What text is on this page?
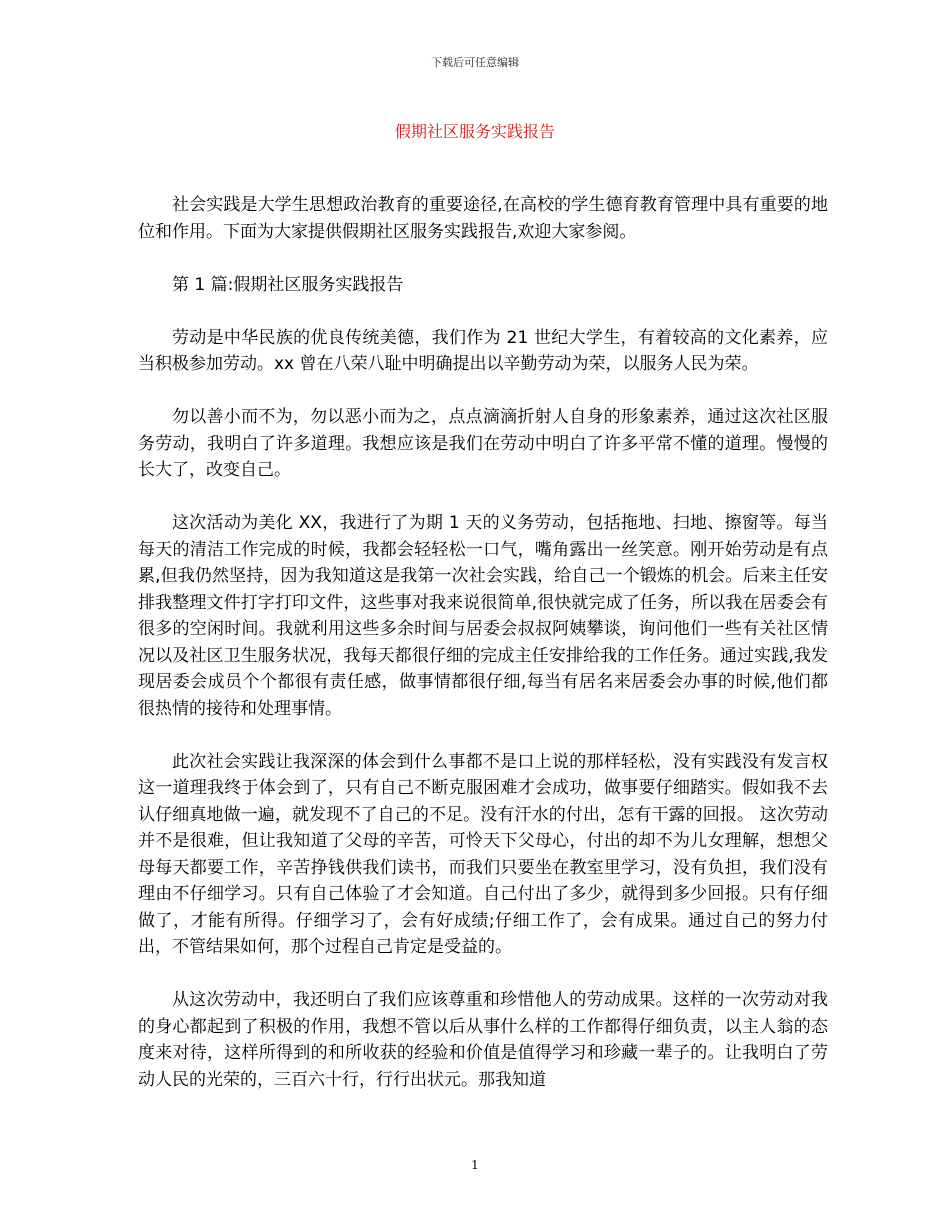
下载后可任意编辑
假期社区服务实践报告

社会实践是大学生思想政治教育的重要途径,在高校的学生德育教育管理中具有重要的地位和作用。下面为大家提供假期社区服务实践报告,欢迎大家参阅。

第 1 篇:假期社区服务实践报告

劳动是中华民族的优良传统美德，我们作为 21 世纪大学生，有着较高的文化素养，应当积极参加劳动。xx 曾在八荣八耻中明确提出以辛勤劳动为荣，以服务人民为荣。

勿以善小而不为，勿以恶小而为之，点点滴滴折射人自身的形象素养，通过这次社区服务劳动，我明白了许多道理。我想应该是我们在劳动中明白了许多平常不懂的道理。慢慢的长大了，改变自己。

这次活动为美化 XX，我进行了为期 1 天的义务劳动，包括拖地、扫地、擦窗等。每当每天的清洁工作完成的时候，我都会轻轻松一口气，嘴角露出一丝笑意。刚开始劳动是有点累,但我仍然坚持，因为我知道这是我第一次社会实践，给自己一个锻炼的机会。后来主任安排我整理文件打字打印文件，这些事对我来说很简单,很快就完成了任务，所以我在居委会有很多的空闲时间。我就利用这些多余时间与居委会叔叔阿姨攀谈，询问他们一些有关社区情况以及社区卫生服务状况，我每天都很仔细的完成主任安排给我的工作任务。通过实践,我发现居委会成员个个都很有责任感，做事情都很仔细,每当有居名来居委会办事的时候,他们都很热情的接待和处理事情。

此次社会实践让我深深的体会到什么事都不是口上说的那样轻松，没有实践没有发言权这一道理我终于体会到了，只有自己不断克服困难才会成功，做事要仔细踏实。假如我不去认仔细真地做一遍，就发现不了自己的不足。没有汗水的付出，怎有干露的回报。 这次劳动并不是很难，但让我知道了父母的辛苦，可怜天下父母心，付出的却不为儿女理解，想想父母每天都要工作，辛苦挣钱供我们读书，而我们只要坐在教室里学习，没有负担，我们没有理由不仔细学习。只有自己体验了才会知道。自己付出了多少，就得到多少回报。只有仔细做了，才能有所得。仔细学习了，会有好成绩;仔细工作了，会有成果。通过自己的努力付出，不管结果如何，那个过程自己肯定是受益的。

从这次劳动中，我还明白了我们应该尊重和珍惜他人的劳动成果。这样的一次劳动对我的身心都起到了积极的作用，我想不管以后从事什么样的工作都得仔细负责，以主人翁的态度来对待，这样所得到的和所收获的经验和价值是值得学习和珍藏一辈子的。让我明白了劳动人民的光荣的，三百六十行，行行出状元。那我知道

1
